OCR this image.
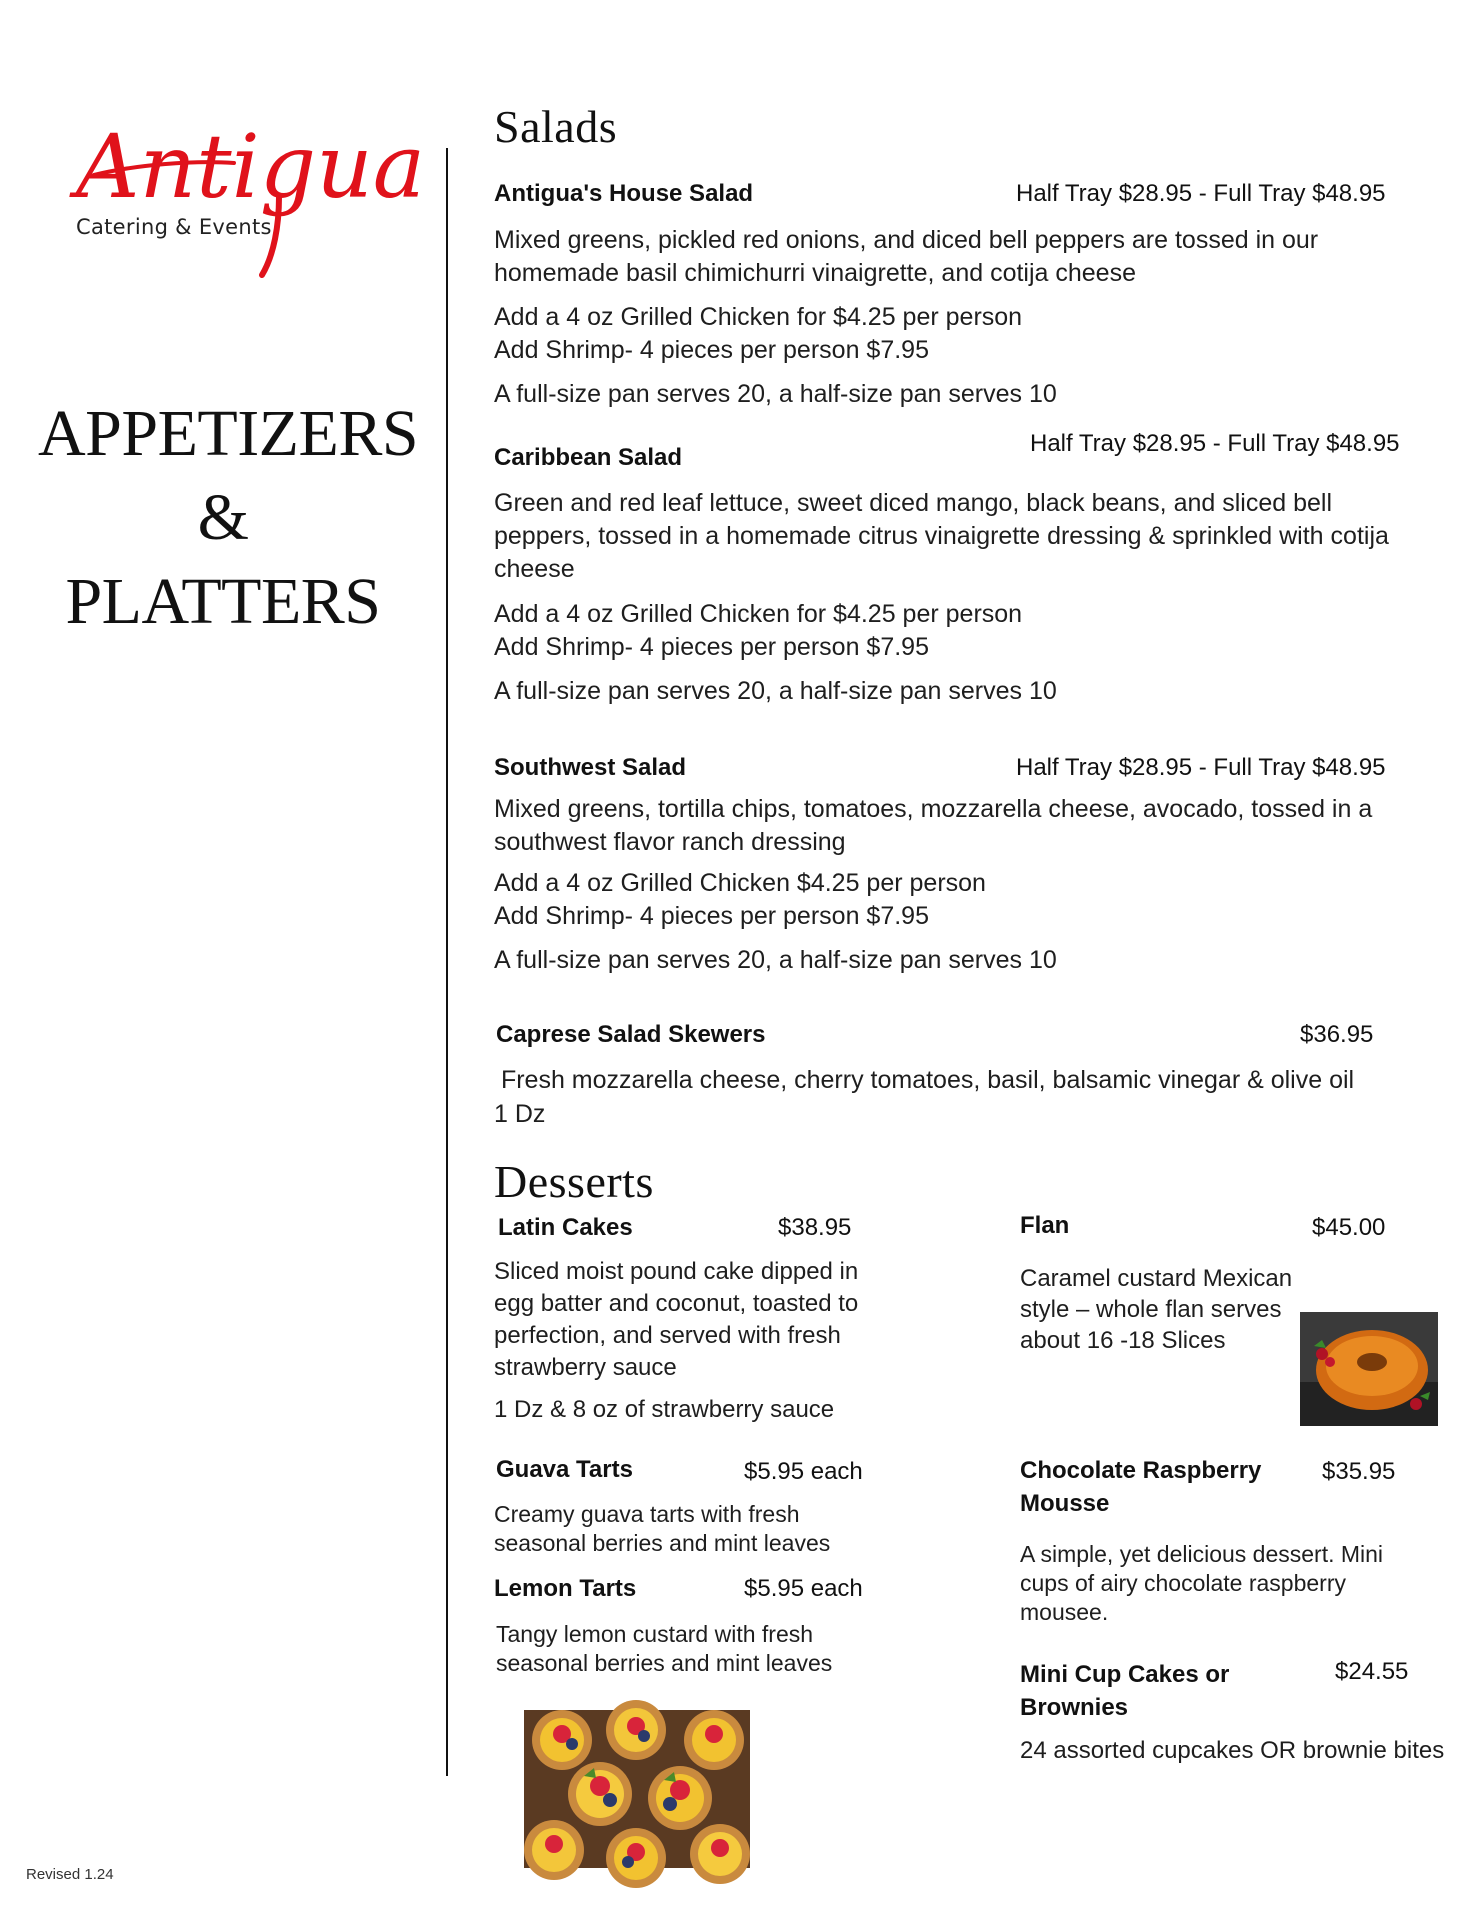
Antigua
Catering & Events
APPETIZERS
& PLATTERS
Salads
Antigua's House Salad	Half Tray $28.95 - Full Tray $48.95
Mixed greens, pickled red onions, and diced bell peppers are tossed in our homemade basil chimichurri vinaigrette, and cotija cheese
Add a 4 oz Grilled Chicken for $4.25 per person
Add Shrimp- 4 pieces per person $7.95
A full-size pan serves 20, a half-size pan serves 10
Half Tray $28.95 - Full Tray $48.95
Caribbean Salad
Green and red leaf lettuce, sweet diced mango, black beans, and sliced bell peppers, tossed in a homemade citrus vinaigrette dressing & sprinkled with cotija cheese
Add a 4 oz Grilled Chicken for $4.25 per person
Add Shrimp- 4 pieces per person $7.95
A full-size pan serves 20, a half-size pan serves 10
Southwest Salad	Half Tray $28.95 - Full Tray $48.95
Mixed greens, tortilla chips, tomatoes, mozzarella cheese, avocado, tossed in a southwest flavor ranch dressing
Add a 4 oz Grilled Chicken $4.25 per person
Add Shrimp- 4 pieces per person $7.95
A full-size pan serves 20, a half-size pan serves 10
Caprese Salad Skewers	$36.95
Fresh mozzarella cheese, cherry tomatoes, basil, balsamic vinegar & olive oil
1 Dz
Desserts
Latin Cakes	$38.95
Sliced moist pound cake dipped in egg batter and coconut, toasted to perfection, and served with fresh strawberry sauce
1 Dz & 8 oz of strawberry sauce
Flan	$45.00
Caramel custard Mexican style – whole flan serves about 16 -18 Slices
Guava Tarts	$5.95 each
Creamy guava tarts with fresh seasonal berries and mint leaves
Lemon Tarts	$5.95 each
Tangy lemon custard with fresh seasonal berries and mint leaves
Chocolate Raspberry
Mousse
$35.95
A simple, yet delicious dessert. Mini cups of airy chocolate raspberry mousee.
Mini Cup Cakes or
Brownies
$24.55
24 assorted cupcakes OR brownie bites
Revised 1.24
